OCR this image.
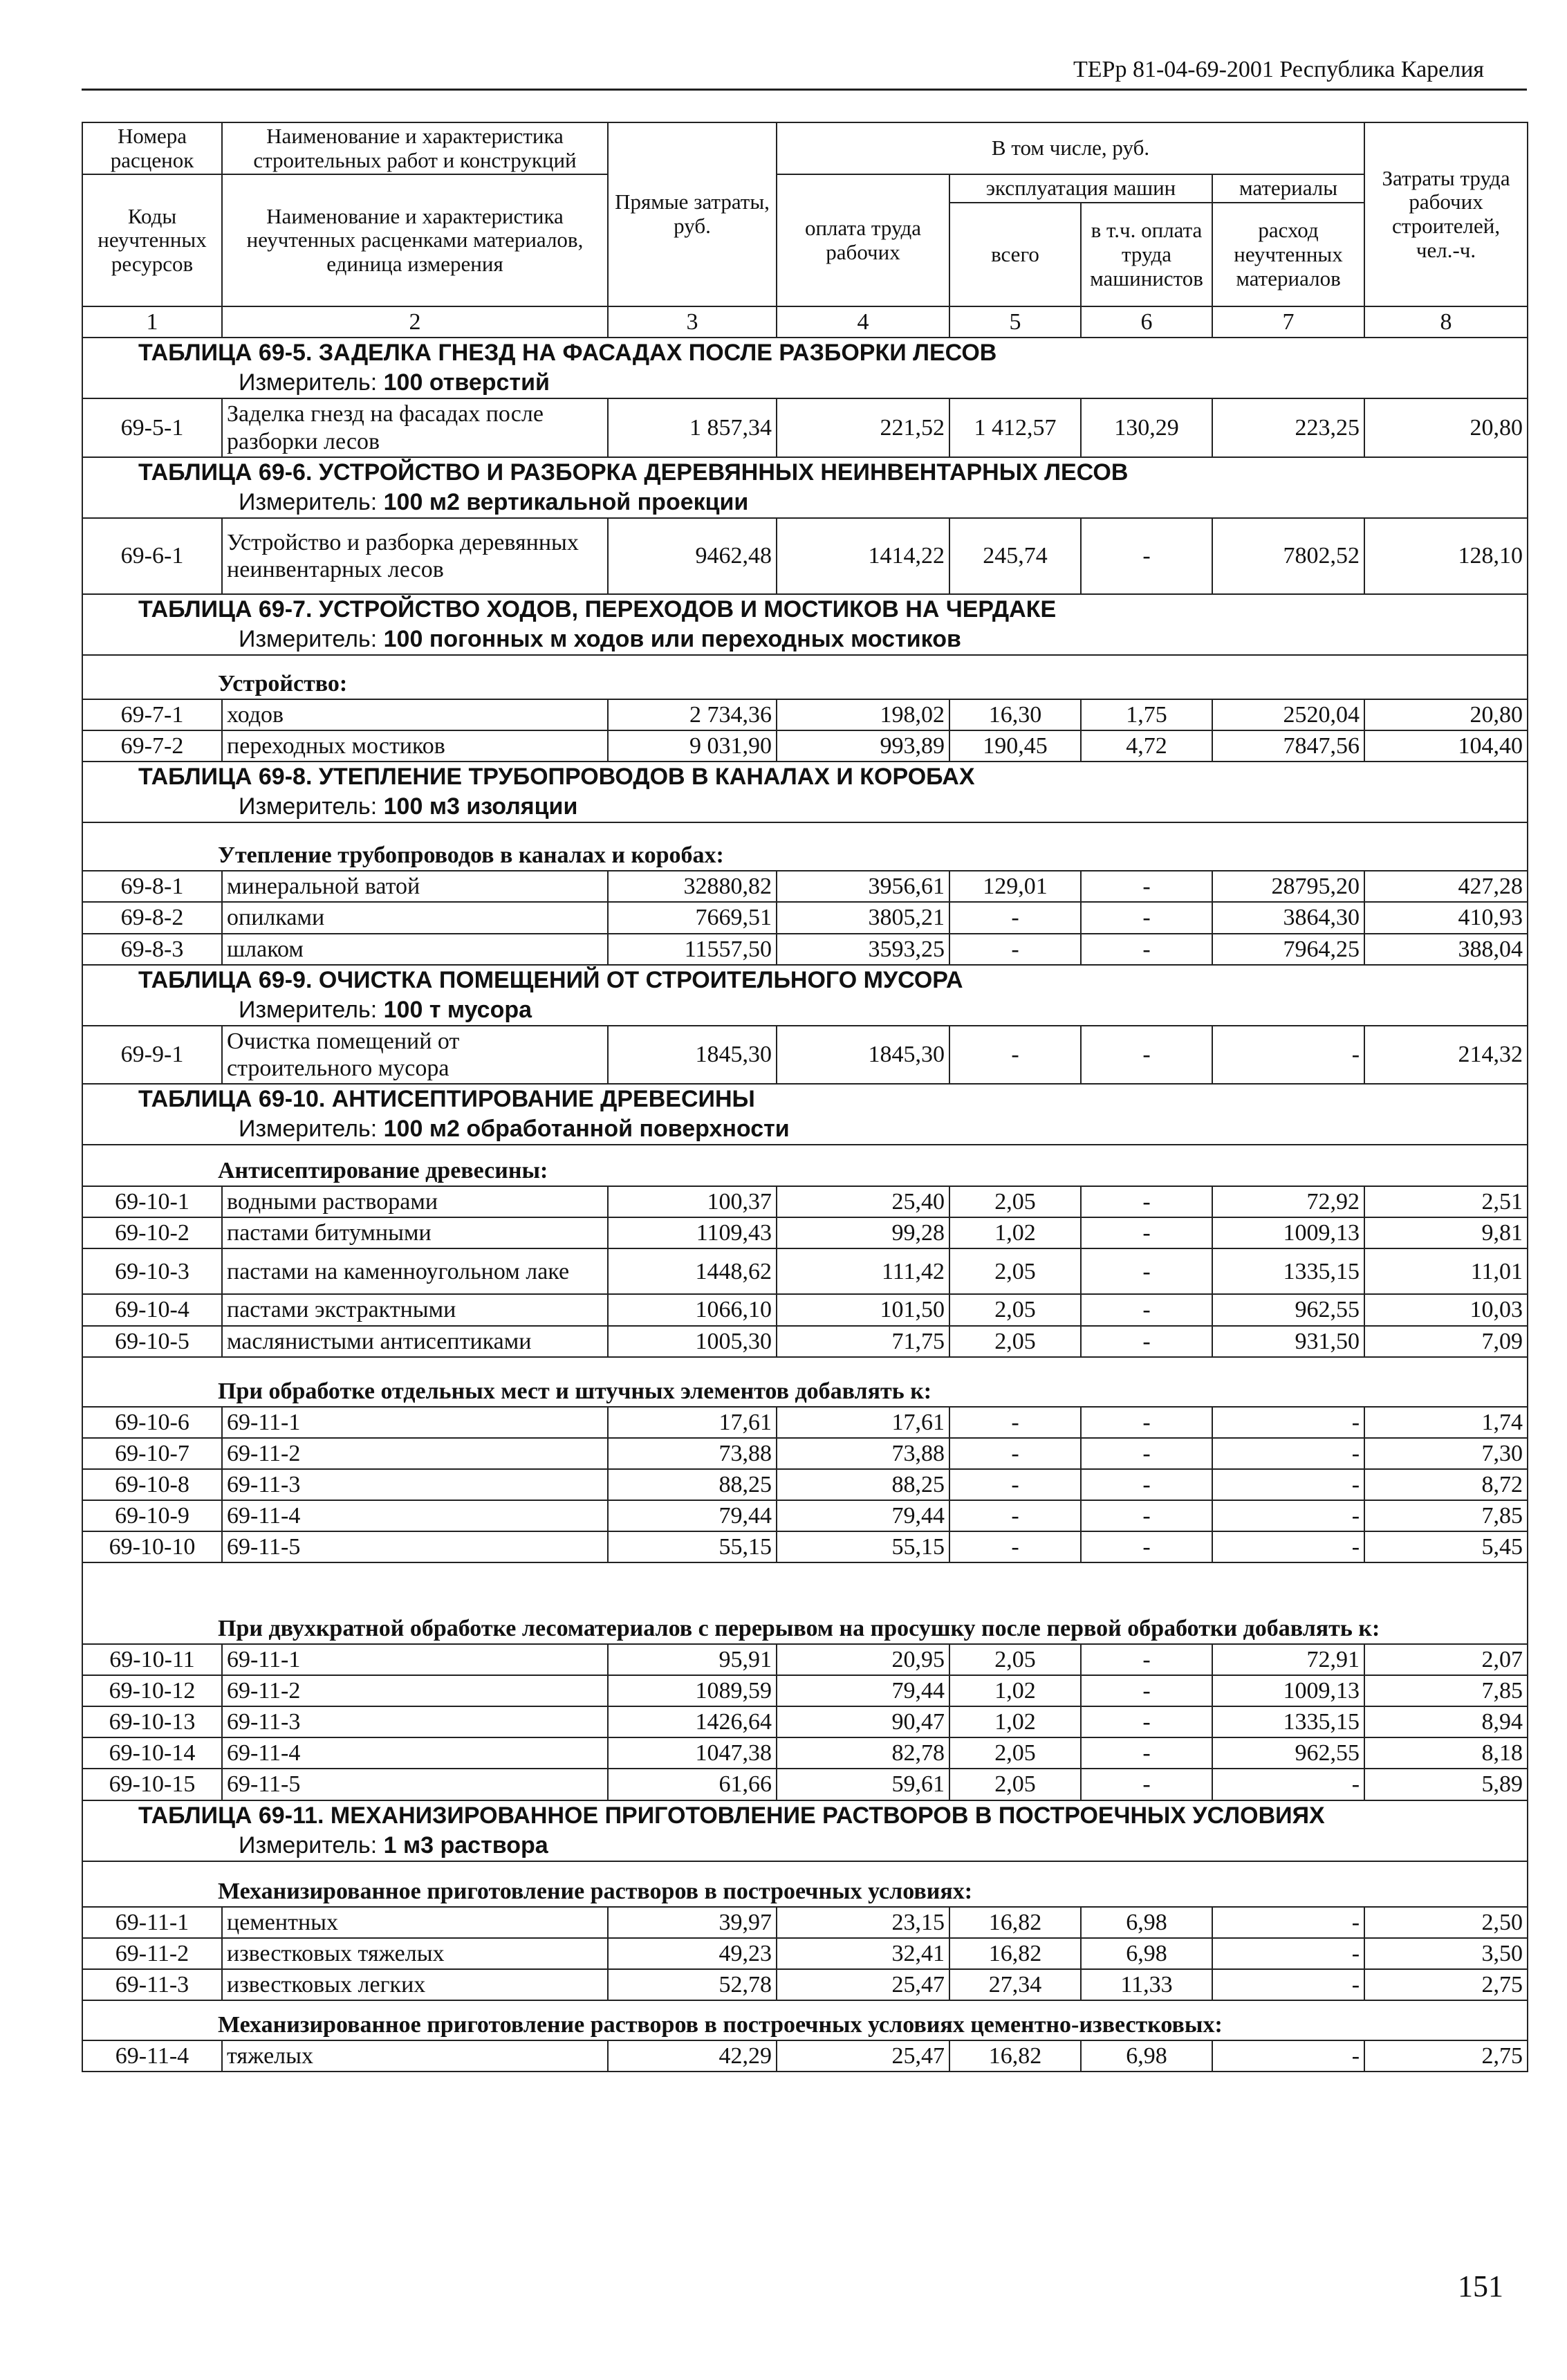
ТЕРр 81-04-69-2001 Республика Карелия
Номера расценок	Наименование и характеристика строительных работ и конструкций	Прямые затраты, руб.	В том числе, руб.				Затраты труда рабочих строителей, чел.-ч.
Коды неучтенных ресурсов	Наименование и характеристика неучтенных расценками материалов, единица измерения		оплата труда рабочих	эксплуатация машин		материалы	
				всего	в т.ч. оплата труда машинистов	расход неучтенных материалов	
1	2	3	4	5	6	7	8
ТАБЛИЦА 69-5. ЗАДЕЛКА ГНЕЗД НА ФАСАДАХ ПОСЛЕ РАЗБОРКИ ЛЕСОВ							
Измеритель: 100 отверстий							
69-5-1	Заделка гнезд на фасадах после разборки лесов	1 857,34	221,52	1 412,57	130,29	223,25	20,80
ТАБЛИЦА 69-6. УСТРОЙСТВО И РАЗБОРКА ДЕРЕВЯННЫХ НЕИНВЕНТАРНЫХ ЛЕСОВ							
Измеритель: 100 м2 вертикальной проекции							
69-6-1	Устройство и разборка деревянных неинвентарных лесов	9462,48	1414,22	245,74	-	7802,52	128,10
ТАБЛИЦА 69-7. УСТРОЙСТВО ХОДОВ, ПЕРЕХОДОВ И МОСТИКОВ НА ЧЕРДАКЕ							
Измеритель: 100 погонных м ходов или переходных мостиков							
Устройство:							
69-7-1	ходов	2 734,36	198,02	16,30	1,75	2520,04	20,80
69-7-2	переходных мостиков	9 031,90	993,89	190,45	4,72	7847,56	104,40
ТАБЛИЦА 69-8. УТЕПЛЕНИЕ ТРУБОПРОВОДОВ В КАНАЛАХ И КОРОБАХ							
Измеритель: 100 м3 изоляции							
Утепление трубопроводов в каналах и коробах:							
69-8-1	минеральной ватой	32880,82	3956,61	129,01	-	28795,20	427,28
69-8-2	опилками	7669,51	3805,21	-	-	3864,30	410,93
69-8-3	шлаком	11557,50	3593,25	-	-	7964,25	388,04
ТАБЛИЦА 69-9. ОЧИСТКА ПОМЕЩЕНИЙ ОТ СТРОИТЕЛЬНОГО МУСОРА							
Измеритель: 100 т мусора							
69-9-1	Очистка помещений от строительного мусора	1845,30	1845,30	-	-	-	214,32
ТАБЛИЦА 69-10. АНТИСЕПТИРОВАНИЕ ДРЕВЕСИНЫ							
Измеритель: 100 м2 обработанной поверхности							
Антисептирование древесины:							
69-10-1	водными растворами	100,37	25,40	2,05	-	72,92	2,51
69-10-2	пастами битумными	1109,43	99,28	1,02	-	1009,13	9,81
69-10-3	пастами на каменноугольном лаке	1448,62	111,42	2,05	-	1335,15	11,01
69-10-4	пастами экстрактными	1066,10	101,50	2,05	-	962,55	10,03
69-10-5	маслянистыми антисептиками	1005,30	71,75	2,05	-	931,50	7,09
При обработке отдельных мест и штучных элементов добавлять к:							
69-10-6	69-11-1	17,61	17,61	-	-	-	1,74
69-10-7	69-11-2	73,88	73,88	-	-	-	7,30
69-10-8	69-11-3	88,25	88,25	-	-	-	8,72
69-10-9	69-11-4	79,44	79,44	-	-	-	7,85
69-10-10	69-11-5	55,15	55,15	-	-	-	5,45
При двухкратной обработке лесоматериалов с перерывом на просушку после первой обработки добавлять к:							
69-10-11	69-11-1	95,91	20,95	2,05	-	72,91	2,07
69-10-12	69-11-2	1089,59	79,44	1,02	-	1009,13	7,85
69-10-13	69-11-3	1426,64	90,47	1,02	-	1335,15	8,94
69-10-14	69-11-4	1047,38	82,78	2,05	-	962,55	8,18
69-10-15	69-11-5	61,66	59,61	2,05	-	-	5,89
ТАБЛИЦА 69-11. МЕХАНИЗИРОВАННОЕ ПРИГОТОВЛЕНИЕ РАСТВОРОВ В ПОСТРОЕЧНЫХ УСЛОВИЯХ							
Измеритель: 1 м3 раствора							
Механизированное приготовление растворов в построечных условиях:							
69-11-1	цементных	39,97	23,15	16,82	6,98	-	2,50
69-11-2	известковых тяжелых	49,23	32,41	16,82	6,98	-	3,50
69-11-3	известковых легких	52,78	25,47	27,34	11,33	-	2,75
Механизированное приготовление растворов в построечных условиях цементно-известковых:							
69-11-4	тяжелых	42,29	25,47	16,82	6,98	-	2,75
151
